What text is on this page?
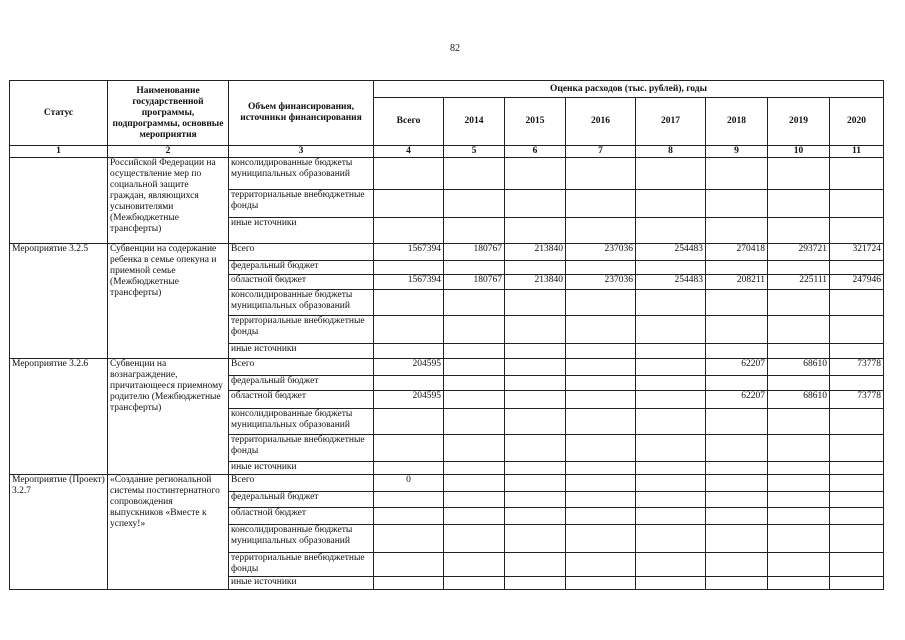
82
Статус	Наименование государственной программы, подпрограммы, основные мероприятия	Объем финансирования, источники финансирования	Оценка расходов (тыс. рублей), годы							
			Всего	2014	2015	2016	2017	2018	2019	2020
1	2	3	4	5	6	7	8	9	10	11
	Российской Федерации на осуществление мер по социальной защите граждан, являющихся усыновителями (Межбюджетные трансферты)	консолидированные бюджеты муниципальных образований								
		территориальные внебюджетные фонды								
		иные источники								
Мероприятие 3.2.5	Субвенции на содержание ребенка в семье опекуна и приемной семье (Межбюджетные трансферты)	Всего	1567394	180767	213840	237036	254483	270418	293721	321724
		федеральный бюджет								
		областной бюджет	1567394	180767	213840	237036	254483	208211	225111	247946
		консолидированные бюджеты муниципальных образований								
		территориальные внебюджетные фонды								
		иные источники								
Мероприятие 3.2.6	Субвенции на вознаграждение, причитающееся приемному родителю (Межбюджетные трансферты)	Всего	204595					62207	68610	73778
		федеральный бюджет								
		областной бюджет	204595					62207	68610	73778
		консолидированные бюджеты муниципальных образований								
		территориальные внебюджетные фонды								
		иные источники								
Мероприятие (Проект) 3.2.7	«Создание региональной системы постинтернатного сопровождения выпускников «Вместе к успеху!»	Всего	0							
		федеральный бюджет								
		областной бюджет								
		консолидированные бюджеты муниципальных образований								
		территориальные внебюджетные фонды								
		иные источники								
